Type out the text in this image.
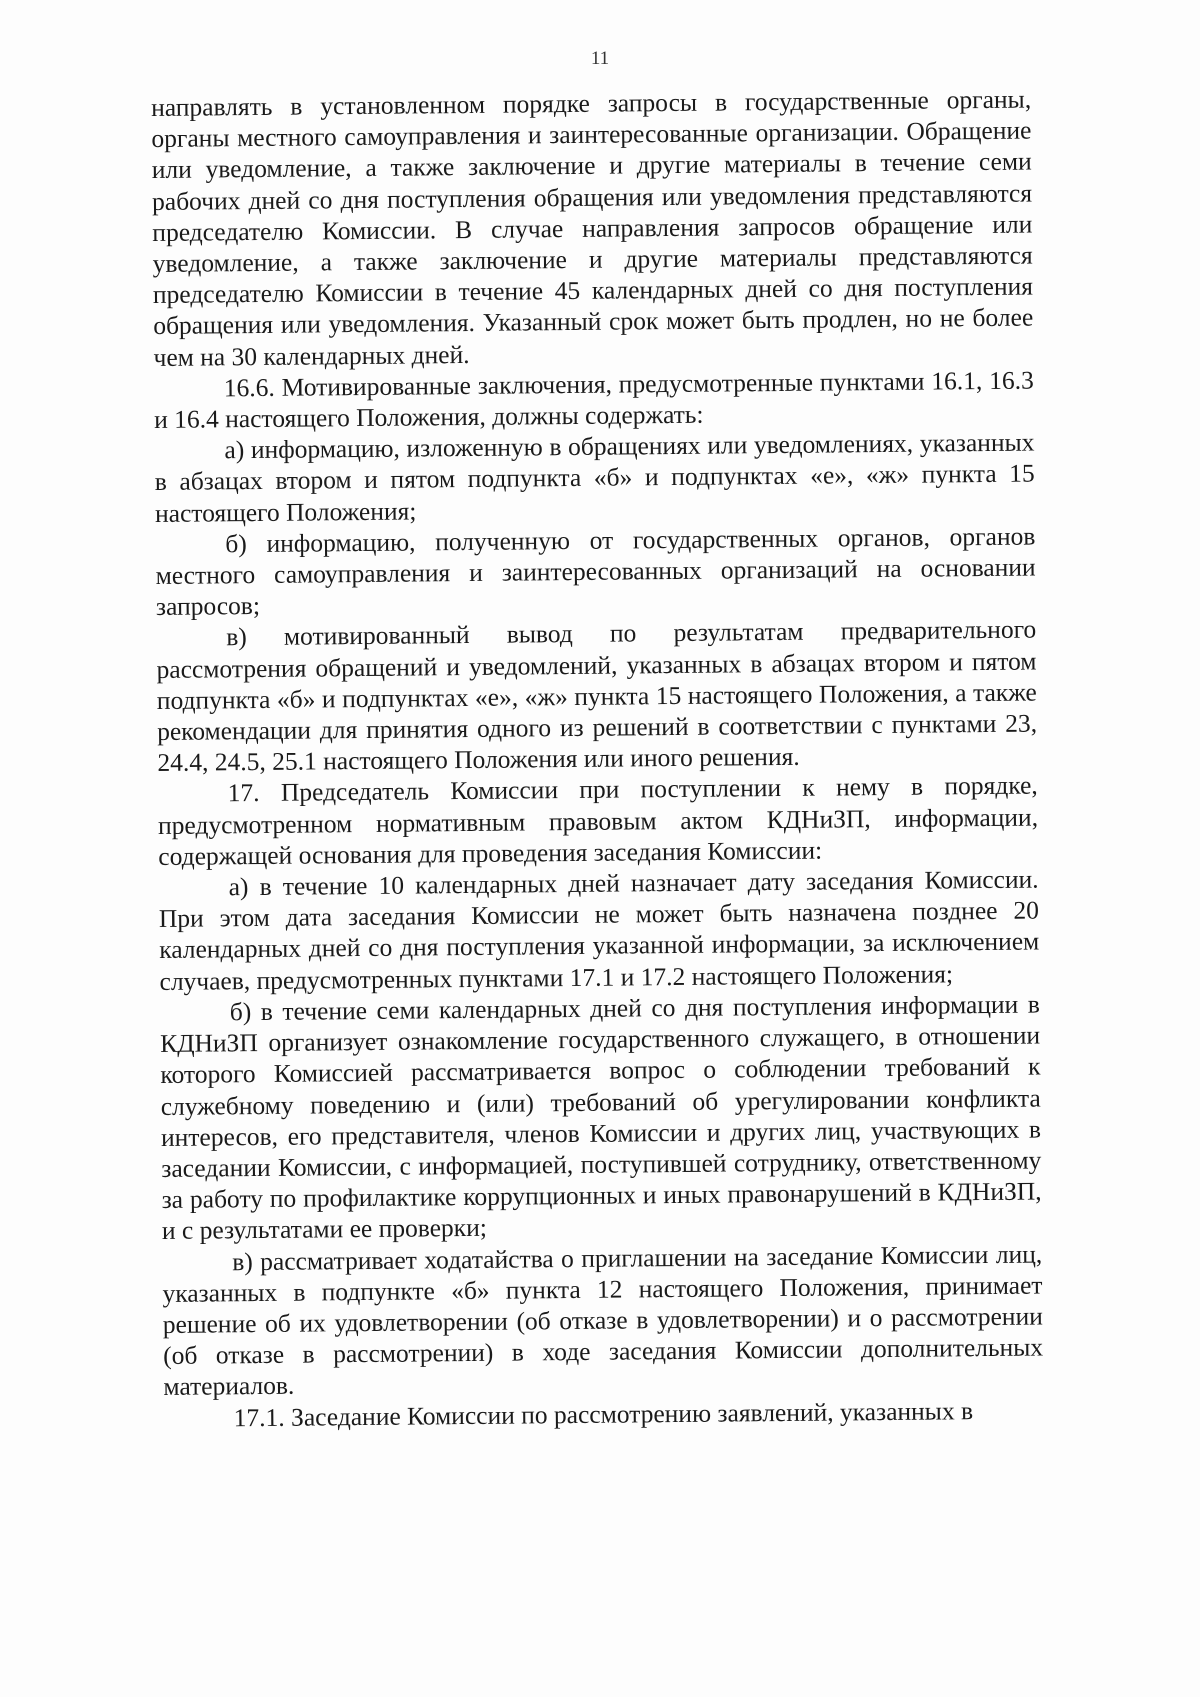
11

направлять в установленном порядке запросы в государственные органы, органы местного самоуправления и заинтересованные организации. Обращение или уведомление, а также заключение и другие материалы в течение семи рабочих дней со дня поступления обращения или уведомления представляются председателю Комиссии. В случае направления запросов обращение или уведомление, а также заключение и другие материалы представляются председателю Комиссии в течение 45 календарных дней со дня поступления обращения или уведомления. Указанный срок может быть продлен, но не более чем на 30 календарных дней.

16.6. Мотивированные заключения, предусмотренные пунктами 16.1, 16.3 и 16.4 настоящего Положения, должны содержать:

а) информацию, изложенную в обращениях или уведомлениях, указанных в абзацах втором и пятом подпункта «б» и подпунктах «е», «ж» пункта 15 настоящего Положения;

б) информацию, полученную от государственных органов, органов местного самоуправления и заинтересованных организаций на основании запросов;

в) мотивированный вывод по результатам предварительного рассмотрения обращений и уведомлений, указанных в абзацах втором и пятом подпункта «б» и подпунктах «е», «ж» пункта 15 настоящего Положения, а также рекомендации для принятия одного из решений в соответствии с пунктами 23, 24.4, 24.5, 25.1 настоящего Положения или иного решения.

17. Председатель Комиссии при поступлении к нему в порядке, предусмотренном нормативным правовым актом КДНиЗП, информации, содержащей основания для проведения заседания Комиссии:

а) в течение 10 календарных дней назначает дату заседания Комиссии. При этом дата заседания Комиссии не может быть назначена позднее 20 календарных дней со дня поступления указанной информации, за исключением случаев, предусмотренных пунктами 17.1 и 17.2 настоящего Положения;

б) в течение семи календарных дней со дня поступления информации в КДНиЗП организует ознакомление государственного служащего, в отношении которого Комиссией рассматривается вопрос о соблюдении требований к служебному поведению и (или) требований об урегулировании конфликта интересов, его представителя, членов Комиссии и других лиц, участвующих в заседании Комиссии, с информацией, поступившей сотруднику, ответственному за работу по профилактике коррупционных и иных правонарушений в КДНиЗП, и с результатами ее проверки;

в) рассматривает ходатайства о приглашении на заседание Комиссии лиц, указанных в подпункте «б» пункта 12 настоящего Положения, принимает решение об их удовлетворении (об отказе в удовлетворении) и о рассмотрении (об отказе в рассмотрении) в ходе заседания Комиссии дополнительных материалов.

17.1. Заседание Комиссии по рассмотрению заявлений, указанных в
